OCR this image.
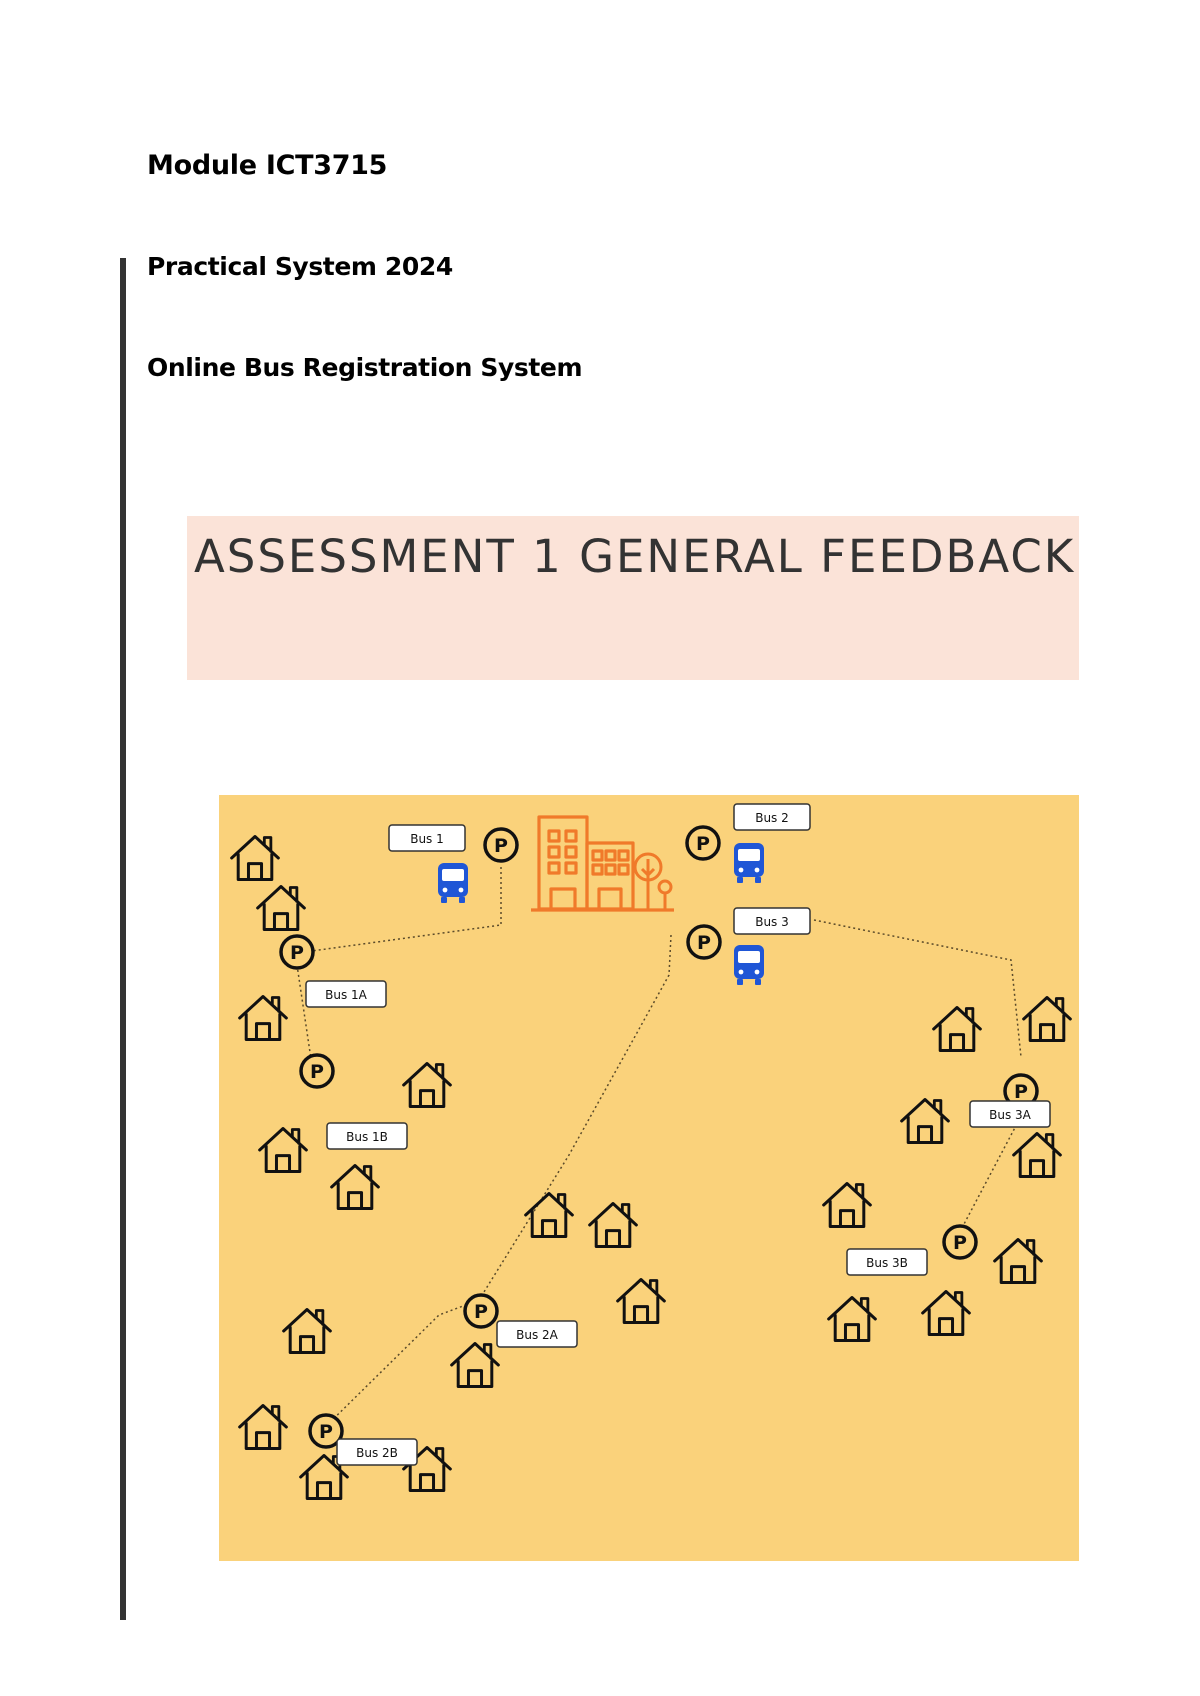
Module ICT3715
Practical System 2024
Online Bus Registration System
ASSESSMENT 1 GENERAL FEEDBACK
Bus 1
Bus 2
Bus 3
Bus 1A
Bus 1B
Bus 2A
Bus 2B
Bus 3A
Bus 3B
